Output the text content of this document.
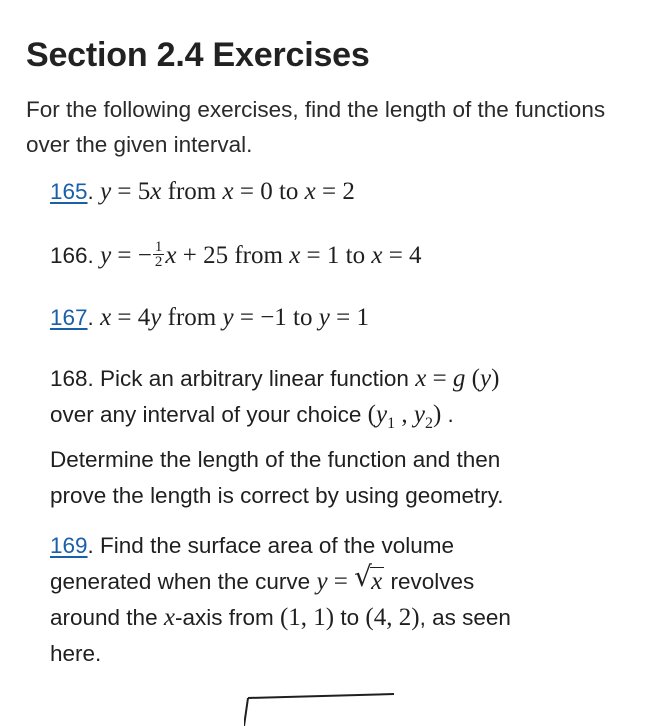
Section 2.4 Exercises

For the following exercises, find the length of the functions over the given interval.

165. y = 5x from x = 0 to x = 2
166. y = − $\frac{1}{2}$ x + 25 from x = 1 to x = 4
167. x = 4y from y = −1 to y = 1
168. Pick an arbitrary linear function x = g (y)
over any interval of your choice ($y_1$ , $y_2$) .
Determine the length of the function and then
prove the length is correct by using geometry.
169. Find the surface area of the volume
generated when the curve y = √ x revolves
around the x-axis from (1, 1) to (4, 2), as seen
here.
